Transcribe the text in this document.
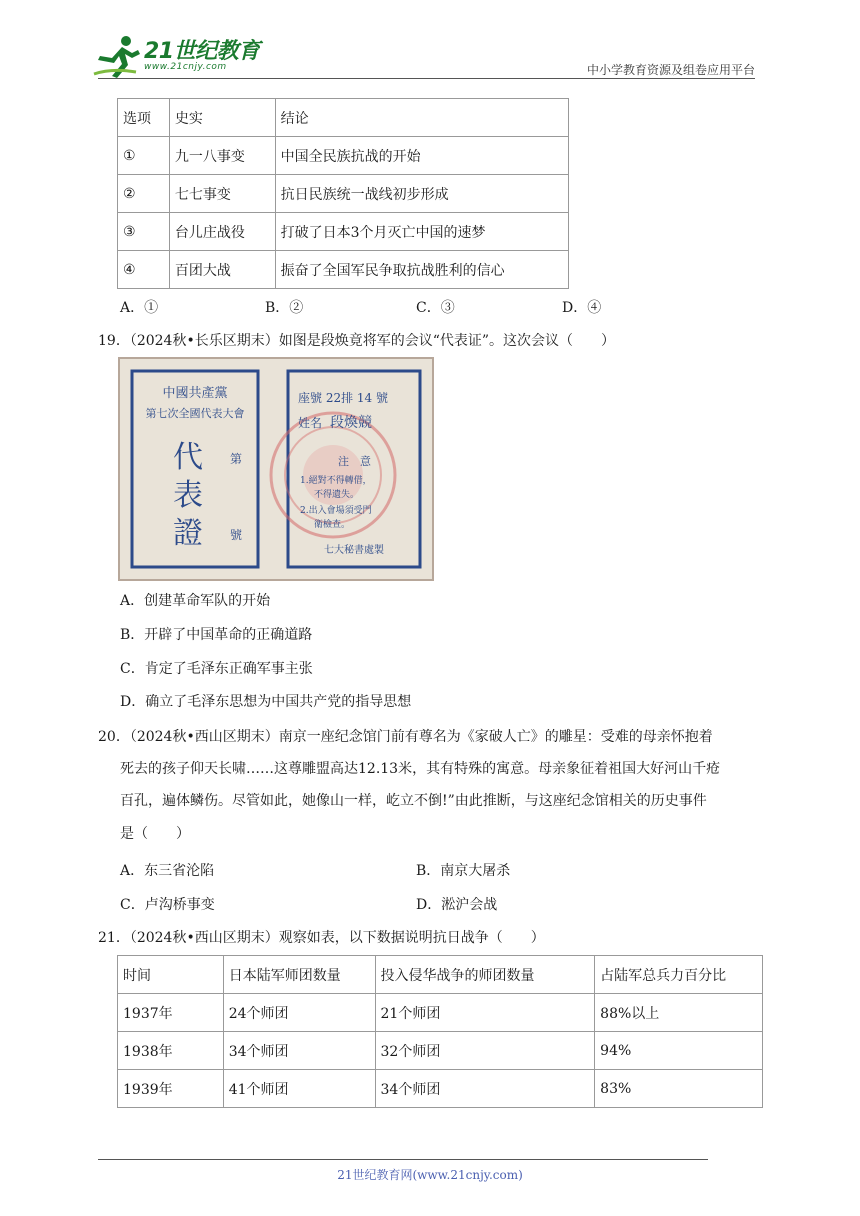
21世纪教育
www.21cnjy.com	中小学教育资源及组卷应用平台
选项	史实	结论
①	九一八事变	中国全民族抗战的开始
②	七七事变	抗日民族统一战线初步形成
③	台儿庄战役	打破了日本3个月灭亡中国的速梦
④	百团大战	振奋了全国军民争取抗战胜利的信心
A．①	B．②	C．③	D．④
19．（2024秋•长乐区期末）如图是段焕竟将军的会议“代表证”。这次会议（　　）
中國共產黨
第七次全國代表大會
代
表
證
第
號
座號 22排 14 號
姓名 段煥競
注　意
1.絕對不得轉借，
不得遺失。
2.出入會場須受門
衛檢查。
七大秘書處製
A．创建革命军队的开始
B．开辟了中国革命的正确道路
C．肯定了毛泽东正确军事主张
D．确立了毛泽东思想为中国共产党的指导思想
20．（2024秋•西山区期末）南京一座纪念馆门前有尊名为《家破人亡》的雕星：受难的母亲怀抱着
死去的孩子仰天长啸……这尊雕盟高达12.13米，其有特殊的寓意。母亲象征着祖国大好河山千疮
百孔，遍体鳞伤。尽管如此，她像山一样，屹立不倒!”由此推断，与这座纪念馆相关的历史事件
是（　　）
A．东三省沦陷	B．南京大屠杀
C．卢沟桥事变	D．淞沪会战
21．（2024秋•西山区期末）观察如表，以下数据说明抗日战争（　　）
时间	日本陆军师团数量	投入侵华战争的师团数量	占陆军总兵力百分比
1937年	24个师团	21个师团	88%以上
1938年	34个师团	32个师团	94%
1939年	41个师团	34个师团	83%
21世纪教育网(www.21cnjy.com)
